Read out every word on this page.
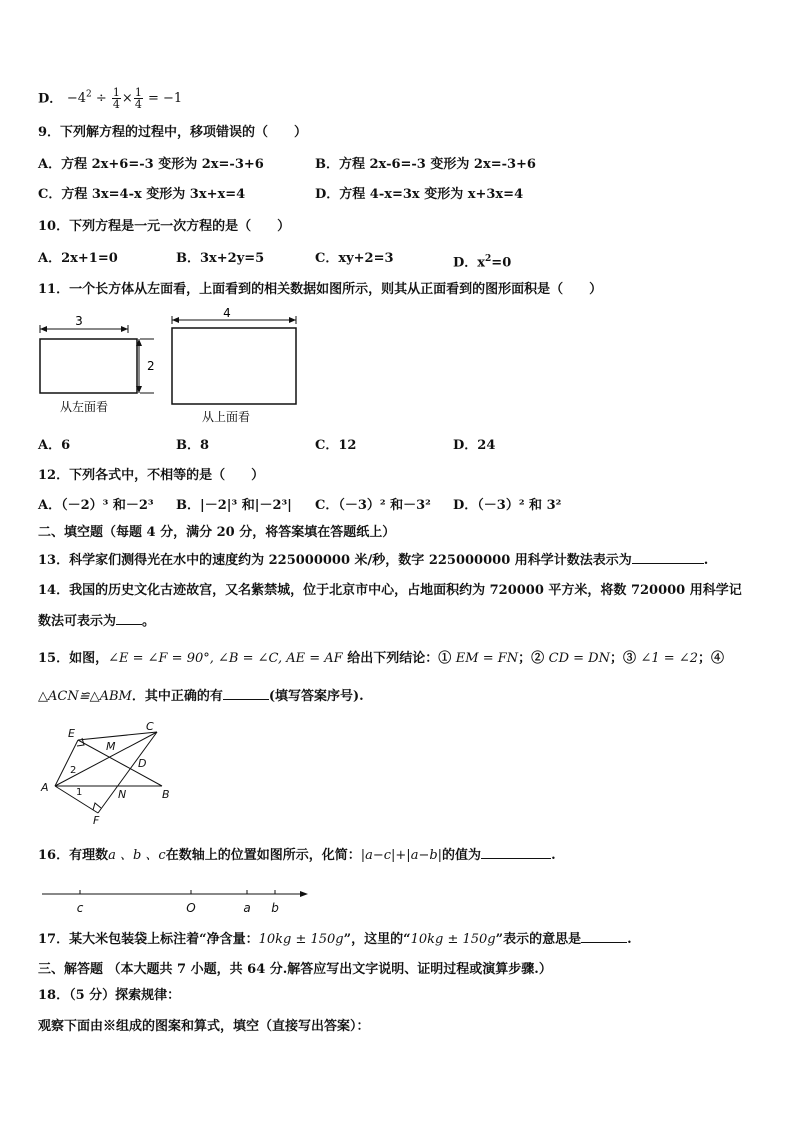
D． $-4^2 \div \frac{1}{4} \times \frac{1}{4} = -1$
9．下列解方程的过程中，移项错误的（　　）
A．方程 2x+6=-3 变形为 2x=-3+6	B．方程 2x-6=-3 变形为 2x=-3+6
C．方程 3x=4-x 变形为 3x+x=4	D．方程 4-x=3x 变形为 x+3x=4
10．下列方程是一元一次方程的是（　　）
A．2x+1=0	B．3x+2y=5	C．xy+2=3	D．$x^2=0$
11．一个长方体从左面看，上面看到的相关数据如图所示，则其从正面看到的图形面积是（　　）
3
2
从左面看
4
从上面看
A．6	B．8	C．12	D．24
12．下列各式中，不相等的是（　　）
A．（－2）³ 和－2³ B．|－2|³ 和|－2³| C．（－3）² 和－3² D．（－3）² 和 3²
二、填空题（每题 4 分，满分 20 分，将答案填在答题纸上）
13．科学家们测得光在水中的速度约为 225000000 米/秒，数字 225000000 用科学计数法表示为	.
14．我国的历史文化古迹故宫，又名紫禁城，位于北京市中心，占地面积约为 720000 平方米，将数 720000 用科学记
数法可表示为 。
15．如图，∠E = ∠F = 90°, ∠B = ∠C, AE = AF 给出下列结论：① EM = FN；② CD = DN；③ ∠1 = ∠2；④
△ACN≌△ABM．其中正确的有	(填写答案序号).
E
M
C
A
D
N	B
F
2
1
16．有理数a 、b 、c在数轴上的位置如图所示，化简：|a−c|+|a−b|的值为	.
c	O	a b
17．某大米包装袋上标注着“净含量：10kg ± 150g”，这里的“10kg ± 150g”表示的意思是	.
三、解答题 （本大题共 7 小题，共 64 分.解答应写出文字说明、证明过程或演算步骤.）
18．（5 分）探索规律：
观察下面由※组成的图案和算式，填空（直接写出答案）：
